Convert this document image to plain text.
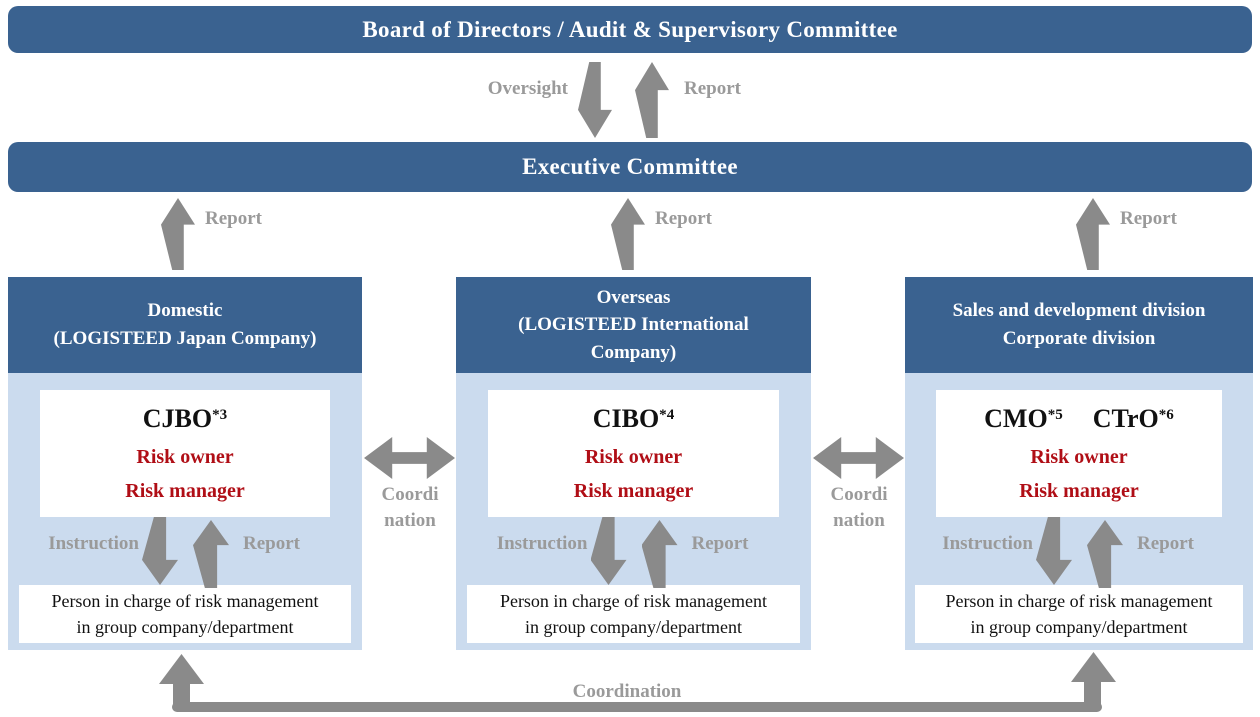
Board of Directors / Audit & Supervisory Committee
Oversight	Report
Executive Committee
Report	Report	Report
Domestic
(LOGISTEED Japan Company)
CJBO$^{*3}$
Risk owner
Risk manager
Instruction	Report
Person in charge of risk management
in group company/department
Overseas
(LOGISTEED International
Company)
CIBO$^{*4}$
Risk owner
Risk manager
Instruction	Report
Person in charge of risk management
in group company/department
Sales and development division
Corporate division
CMO$^{*5}$ CTrO$^{*6}$
Risk owner
Risk manager
Instruction	Report
Person in charge of risk management
in group company/department
Coordi
nation
Coordi
nation
Coordination
